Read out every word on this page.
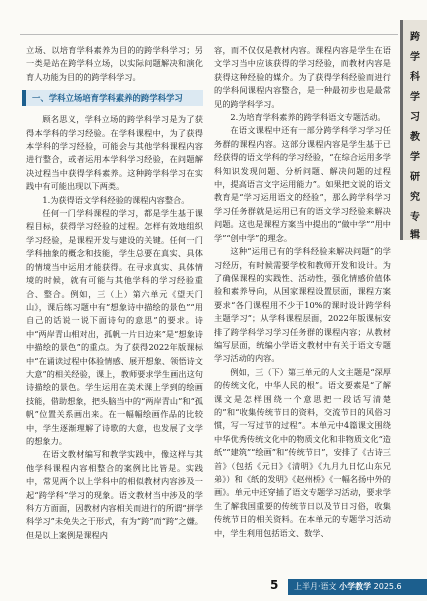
立场、以培育学科素养为目的的跨学科学习；另一类是站在跨学科立场，以实际问题解决和演化育人功能为目的的跨学科学习。

一、学科立场培育学科素养的跨学科学习

顾名思义，学科立场的跨学科学习是为了获得本学科的学习经验。在学科课程中，为了获得本学科的学习经验，可能会与其他学科课程内容进行整合，或者运用本学科学习经验，在问题解决过程当中获得学科素养。这种跨学科学习在实践中有可能出现以下两类。

1.为获得语文学科经验的课程内容整合。

任何一门学科课程的学习，都是学生基于课程目标，获得学习经验的过程。怎样有效地组织学习经验，是课程开发与建设的关键。任何一门学科抽象的概念和技能，学生总要在真实、具体的情境当中运用才能获得。在寻求真实、具体情境的时候，就有可能与其他学科的学习经验重合、整合。例如，三（上）第六单元《望天门山》，课后练习题中有“想象诗中描绘的景色”“用自己的话说一说下面诗句的意思”的要求。诗中“两岸青山相对出，孤帆一片日边来”是“想象诗中描绘的景色”的重点。为了获得2022年版课标中“在诵读过程中体验情感、展开想象、领悟诗文大意”的相关经验，课上，教师要求学生画出这句诗描绘的景色。学生运用在美术课上学到的绘画技能，借助想象，把头脑当中的“两岸青山”和“孤帆”位置关系画出来。在一幅幅绘画作品的比较中，学生逐渐理解了诗歌的大意，也发展了文学的想象力。

在语文教材编写和教学实践中，像这样与其他学科课程内容相整合的案例比比皆是。实践中，常见两个以上学科中的相似教材内容涉及一起“跨学科”学习的现象。语文教材当中涉及的学科方方面面，因教材内容相关而进行的所谓“拼学科学习”未免失之于形式，有为“跨”而“跨”之嫌。但是以上案例是课程内

容，而不仅仅是教材内容。课程内容是学生在语文学习当中应该获得的学习经验，而教材内容是获得这种经验的媒介。为了获得学科经验而进行的学科间课程内容整合，是一种最初步也是最常见的跨学科学习。

2.为培育学科素养的跨学科语文专题活动。

在语文课程中还有一部分跨学科学习学习任务群的课程内容。这部分课程内容是学生基于已经获得的语文学科的学习经验，“在综合运用多学科知识发现问题、分析问题、解决问题的过程中，提高语言文字运用能力”。如果把文说的语文教育是“学习运用语文的经验”，那么跨学科学习学习任务群就是运用已有的语文学习经验来解决问题。这也是课程方案当中提出的“做中学”“用中学”“创中学”的理念。

这种“运用已有的学科经验来解决问题”的学习经历，有时候需要学校和教师开发和设计。为了确保课程的实践性、活动性，强化情感价值体验和素养导向，从国家课程设置层面，课程方案要求“各门课程用不少于10%的课时设计跨学科主题学习”；从学科课程层面，2022年版课标安排了跨学科学习学习任务群的课程内容；从教材编写层面，统编小学语文教材中有关于语文专题学习活动的内容。

例如，三（下）第三单元的人文主题是“深厚的传统文化，中华人民的根”。语文要素是“了解课文是怎样围绕一个意思把一段话写清楚的”和“收集传统节日的资料，交流节日的风俗习惯，写一写过节的过程”。本单元中4篇课文围绕中华优秀传统文化中的物质文化和非物质文化“造纸”“建筑”“绘画”和“传统节日”，安排了《古诗三首》（包括《元日》《清明》《九月九日忆山东兄弟》）和《纸的发明》《赵州桥》《一幅名扬中外的画》。单元中还穿插了语文专题学习活动，要求学生了解我国重要的传统节日以及节日习俗，收集传统节日的相关资料。在本单元的专题学习活动中，学生利用包括语文、数学、

跨
学
科
学
习
教
学
研
究
专
辑
5	上半月·语文 小学教学 2025.6
